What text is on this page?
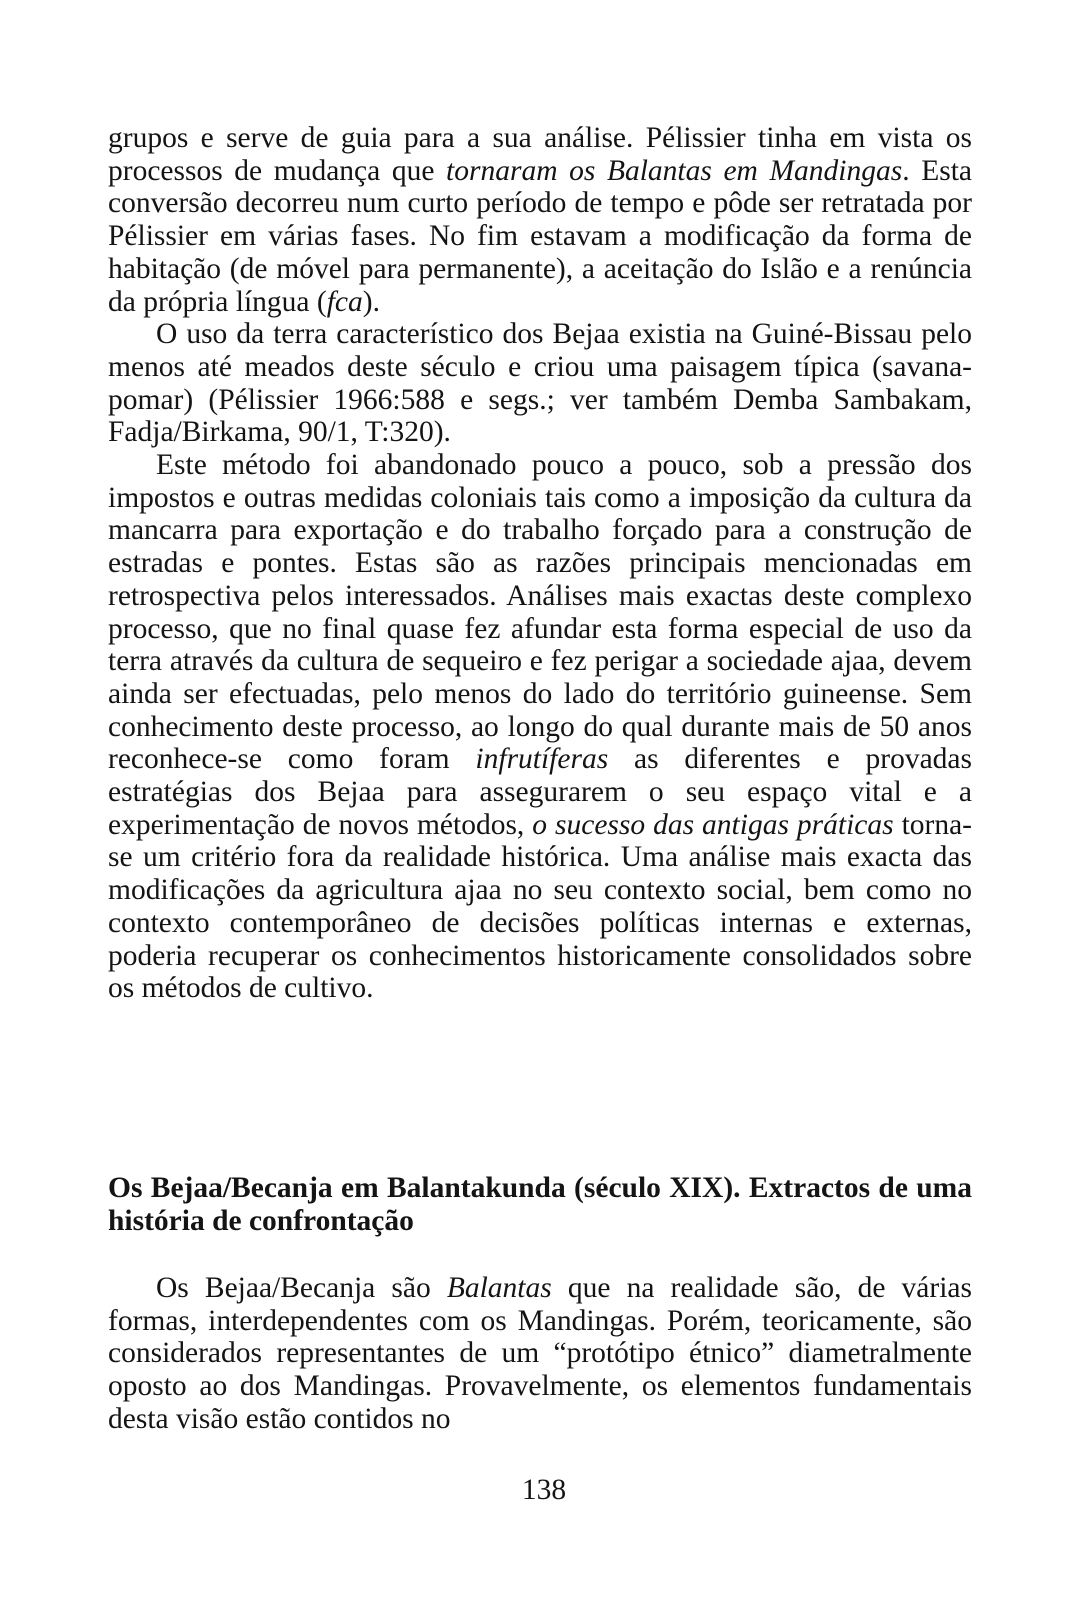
grupos e serve de guia para a sua análise. Pélissier tinha em vista os processos de mudança que tornaram os Balantas em Mandingas. Esta conversão decorreu num curto período de tempo e pôde ser retratada por Pélissier em várias fases. No fim estavam a modificação da forma de habitação (de móvel para permanente), a aceitação do Islão e a renúncia da própria língua (fca).

O uso da terra característico dos Bejaa existia na Guiné-Bissau pelo menos até meados deste século e criou uma paisagem típica (savana-pomar) (Pélissier 1966:588 e segs.; ver também Demba Sambakam, Fadja/Birkama, 90/1, T:320).

Este método foi abandonado pouco a pouco, sob a pressão dos impostos e outras medidas coloniais tais como a imposição da cultura da mancarra para exportação e do trabalho forçado para a construção de estradas e pontes. Estas são as razões principais mencionadas em retrospectiva pelos interessados. Análises mais exactas deste complexo processo, que no final quase fez afundar esta forma especial de uso da terra através da cultura de sequeiro e fez perigar a sociedade ajaa, devem ainda ser efectuadas, pelo menos do lado do território guineense. Sem conhecimento deste processo, ao longo do qual durante mais de 50 anos reconhece-se como foram infrutíferas as diferentes e provadas estratégias dos Bejaa para assegurarem o seu espaço vital e a experimentação de novos métodos, o sucesso das antigas práticas torna-se um critério fora da realidade histórica. Uma análise mais exacta das modificações da agricultura ajaa no seu contexto social, bem como no contexto contemporâneo de decisões políticas internas e externas, poderia recuperar os conhecimentos historicamente consolidados sobre os métodos de cultivo.

Os Bejaa/Becanja em Balantakunda (século XIX). Extractos de uma história de confrontação

Os Bejaa/Becanja são Balantas que na realidade são, de várias formas, interdependentes com os Mandingas. Porém, teoricamente, são considerados representantes de um “protótipo étnico” diametralmente oposto ao dos Mandingas. Provavelmente, os elementos fundamentais desta visão estão contidos no

138
